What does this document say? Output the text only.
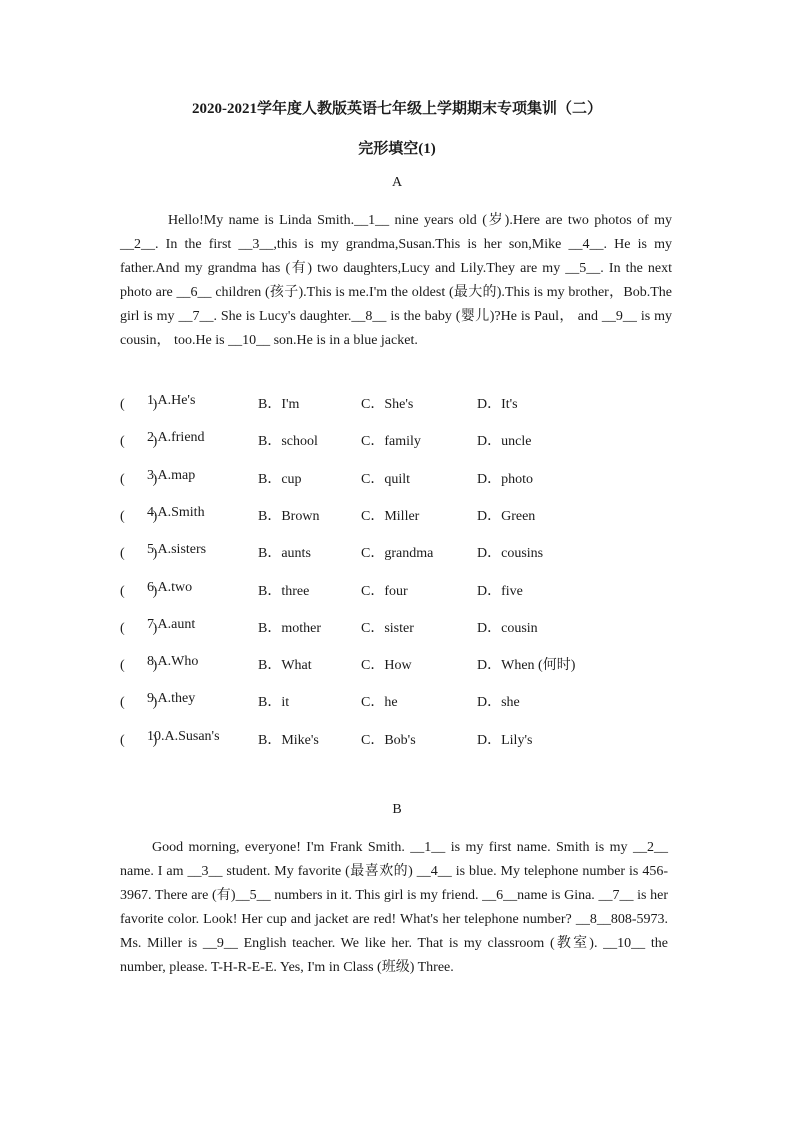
2020-2021学年度人教版英语七年级上学期期末专项集训（二）
完形填空(1)
A
Hello!My name is Linda Smith.__1__ nine years old (岁).Here are two photos of my __2__. In the first __3__,this is my grandma,Susan.This is her son,Mike __4__. He is my father.And my grandma has (有) two daughters,Lucy and Lily.They are my __5__. In the next photo are __6__ children (孩子).This is me.I'm the oldest (最大的).This is my brother，Bob.The girl is my __7__. She is Lucy's daughter.__8__ is the baby (婴儿)?He is Paul， and __9__ is my cousin， too.He is __10__ son.He is in a blue jacket.
(　　)
1.A.He's	B．I'm	C．She's	D．It's
(　　)
2.A.friend	B．school	C．family	D．uncle
(　　)
3.A.map	B．cup	C．quilt	D．photo
(　　)
4.A.Smith	B．Brown	C．Miller	D．Green
(　　)
5.A.sisters	B．aunts	C．grandma	D．cousins
(　　)
6.A.two	B．three	C．four	D．five
(　　)
7.A.aunt	B．mother	C．sister	D．cousin
(　　)
8.A.Who	B．What	C．How	D．When (何时)
(　　)
9.A.they	B．it	C．he	D．she
(　　)
10.A.Susan's	B．Mike's	C．Bob's	D．Lily's
B
Good morning, everyone! I'm Frank Smith. __1__ is my first name. Smith is my __2__ name. I am __3__ student. My favorite (最喜欢的) __4__ is blue. My telephone number is 456-3967. There are (有)__5__ numbers in it. This girl is my friend. __6__name is Gina. __7__ is her favorite color. Look! Her cup and jacket are red! What's her telephone number? __8__808-5973. Ms. Miller is __9__ English teacher. We like her. That is my classroom (教室). __10__ the number, please. T-H-R-E-E. Yes, I'm in Class (班级) Three.
